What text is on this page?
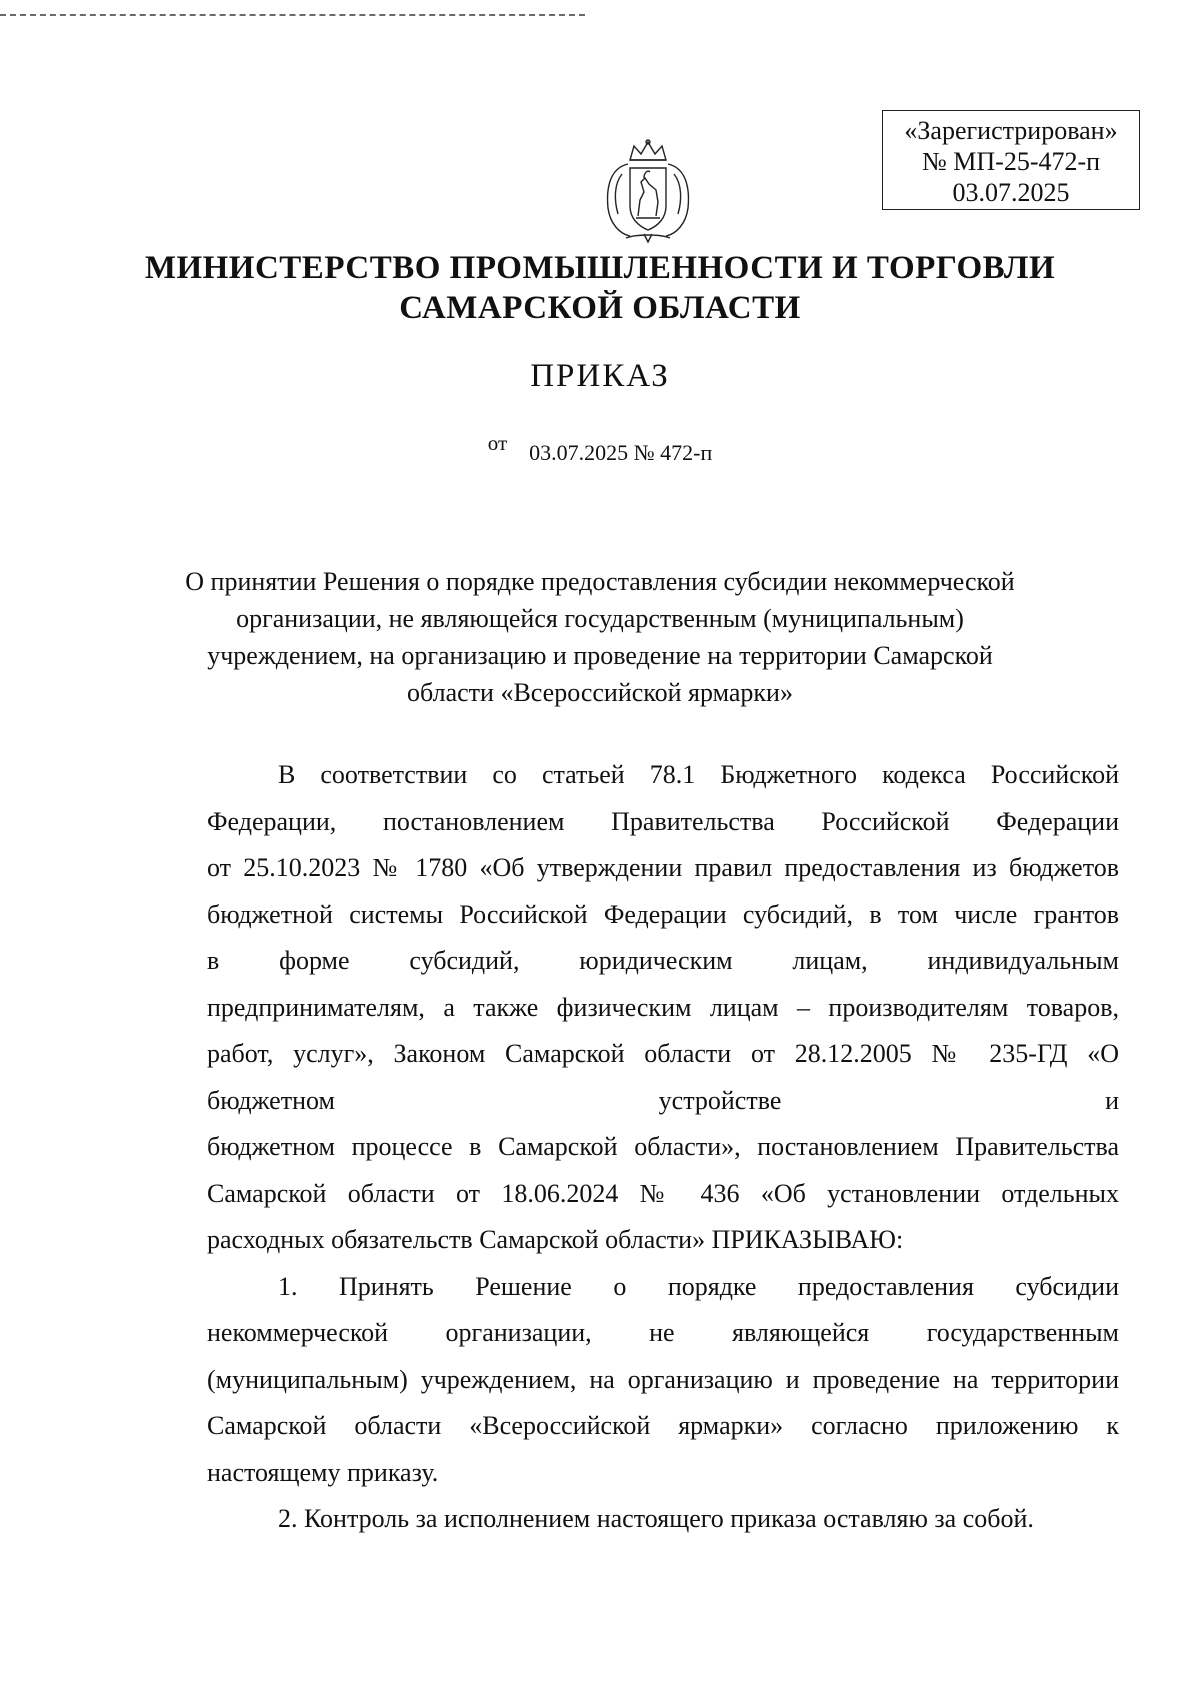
«Зарегистрирован»
№ МП-25-472-п
03.07.2025
МИНИСТЕРСТВО ПРОМЫШЛЕННОСТИ И ТОРГОВЛИ
САМАРСКОЙ ОБЛАСТИ
ПРИКАЗ
от 03.07.2025 № 472-п
О принятии Решения о порядке предоставления субсидии некоммерческой
организации, не являющейся государственным (муниципальным)
учреждением, на организацию и проведение на территории Самарской
области «Всероссийской ярмарки»
В соответствии со статьей 78.1 Бюджетного кодекса Российской
Федерации, постановлением Правительства Российской Федерации
от 25.10.2023 № 1780 «Об утверждении правил предоставления из бюджетов
бюджетной системы Российской Федерации субсидий, в том числе грантов
в форме субсидий, юридическим лицам, индивидуальным
предпринимателям, а также физическим лицам – производителям товаров,
работ, услуг», Законом Самарской области от 28.12.2005 № 235-ГД «О
бюджетном устройстве и
бюджетном процессе в Самарской области», постановлением Правительства
Самарской области от 18.06.2024 № 436 «Об установлении отдельных
расходных обязательств Самарской области» ПРИКАЗЫВАЮ:
1. Принять Решение о порядке предоставления субсидии
некоммерческой организации, не являющейся государственным
(муниципальным) учреждением, на организацию и проведение на территории
Самарской области «Всероссийской ярмарки» согласно приложению к
настоящему приказу.
2. Контроль за исполнением настоящего приказа оставляю за собой.
